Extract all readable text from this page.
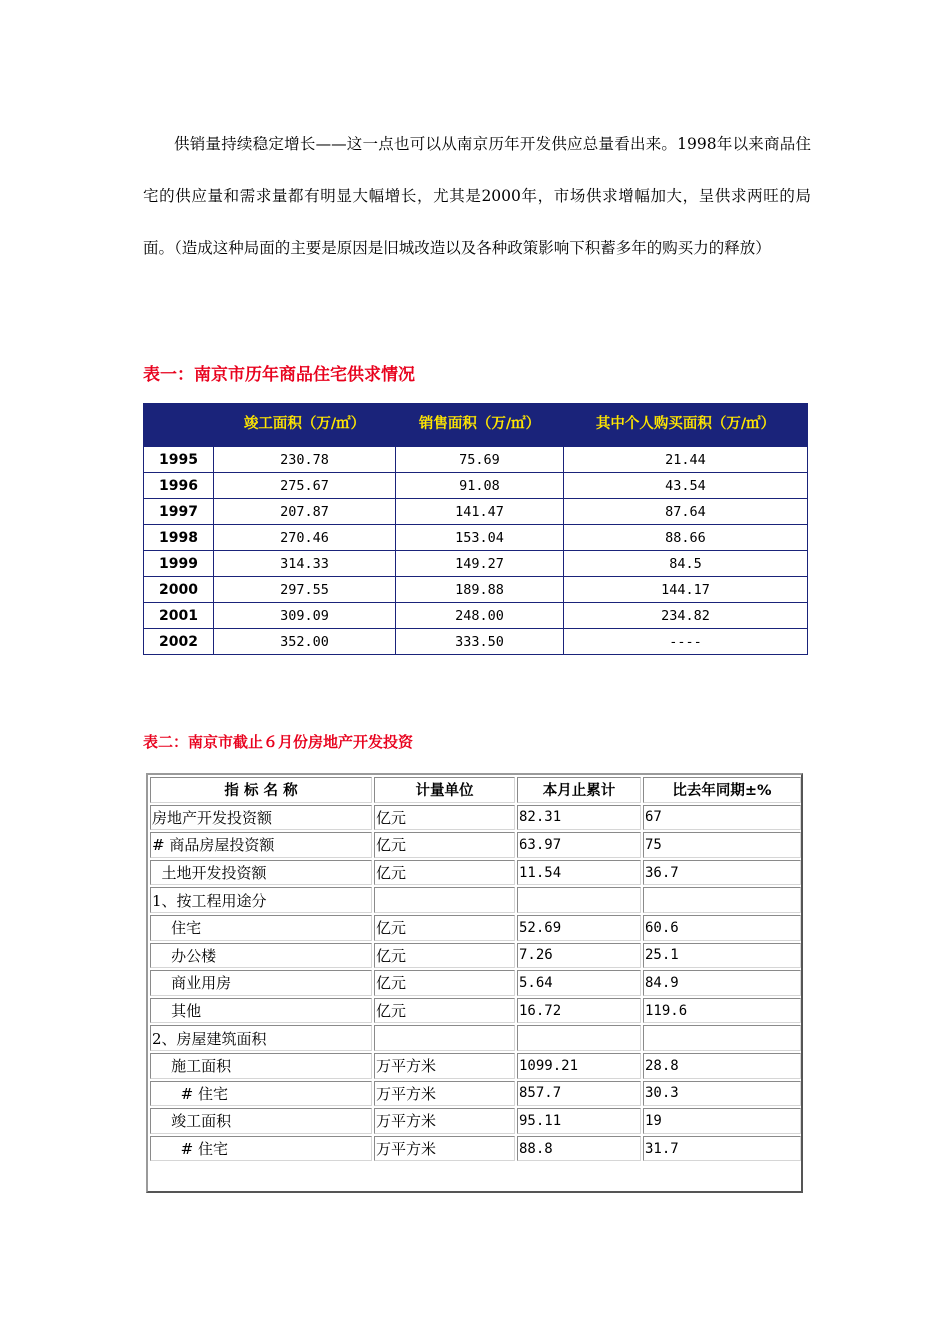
供销量持续稳定增长——这一点也可以从南京历年开发供应总量看出来。1998年以来商品住宅的供应量和需求量都有明显大幅增长，尤其是2000年，市场供求增幅加大，呈供求两旺的局面。（造成这种局面的主要是原因是旧城改造以及各种政策影响下积蓄多年的购买力的释放）

表一：南京市历年商品住宅供求情况

	竣工面积（万/㎡）	销售面积（万/㎡）	其中个人购买面积（万/㎡）
1995	230.78	75.69	21.44
1996	275.67	91.08	43.54
1997	207.87	141.47	87.64
1998	270.46	153.04	88.66
1999	314.33	149.27	84.5
2000	297.55	189.88	144.17
2001	309.09	248.00	234.82
2002	352.00	333.50	----

表二：南京市截止６月份房地产开发投资

指 标 名 称	计量单位	本月止累计	比去年同期±%
房地产开发投资额	亿元	82.31	67
# 商品房屋投资额	亿元	63.97	75
土地开发投资额	亿元	11.54	36.7
1、按工程用途分			
住宅	亿元	52.69	60.6
办公楼	亿元	7.26	25.1
商业用房	亿元	5.64	84.9
其他	亿元	16.72	119.6
2、房屋建筑面积			
施工面积	万平方米	1099.21	28.8
# 住宅	万平方米	857.7	30.3
竣工面积	万平方米	95.11	19
# 住宅	万平方米	88.8	31.7
